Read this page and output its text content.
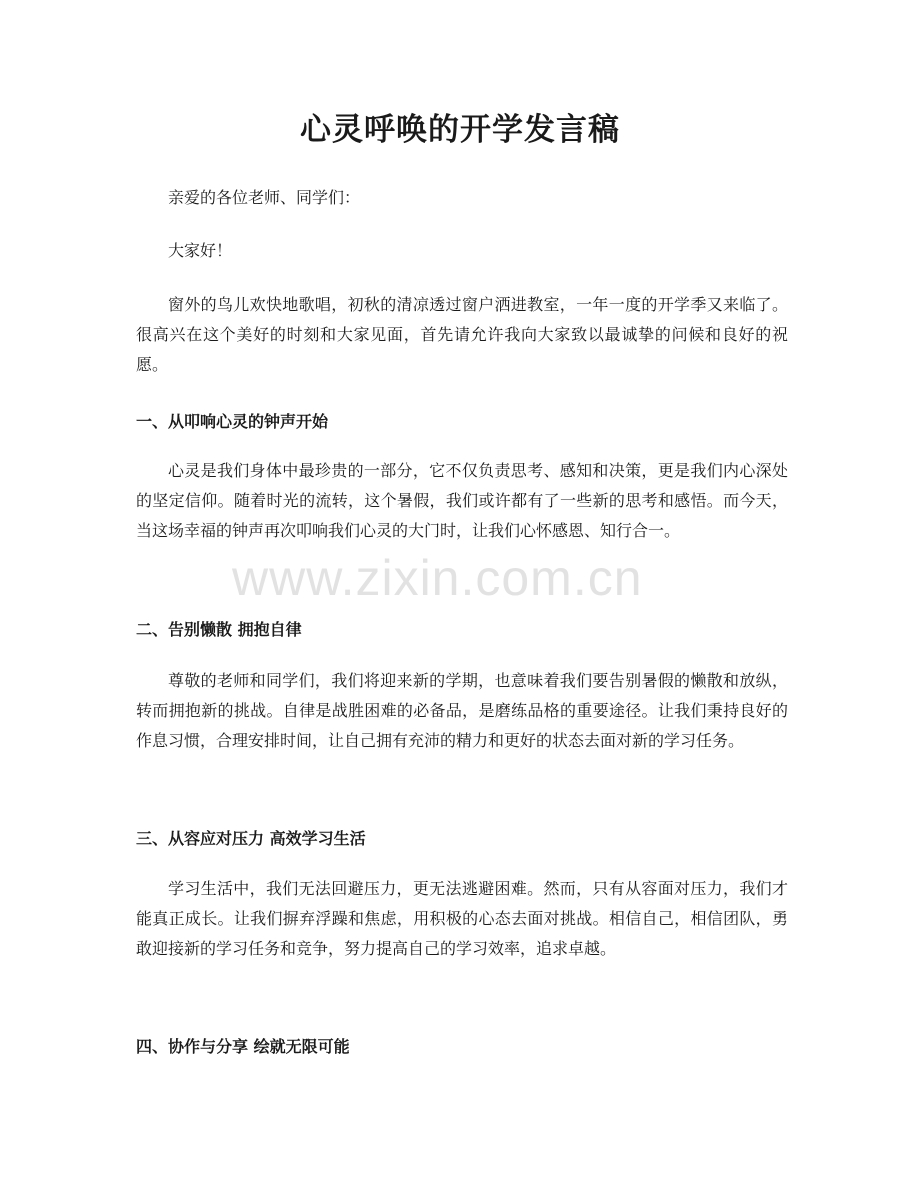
心灵呼唤的开学发言稿

亲爱的各位老师、同学们：

大家好！

窗外的鸟儿欢快地歌唱，初秋的清凉透过窗户洒进教室，一年一度的开学季又来临了。很高兴在这个美好的时刻和大家见面，首先请允许我向大家致以最诚挚的问候和良好的祝愿。

一、从叩响心灵的钟声开始

心灵是我们身体中最珍贵的一部分，它不仅负责思考、感知和决策，更是我们内心深处的坚定信仰。随着时光的流转，这个暑假，我们或许都有了一些新的思考和感悟。而今天，当这场幸福的钟声再次叩响我们心灵的大门时，让我们心怀感恩、知行合一。

二、告别懒散 拥抱自律

尊敬的老师和同学们，我们将迎来新的学期，也意味着我们要告别暑假的懒散和放纵，转而拥抱新的挑战。自律是战胜困难的必备品，是磨练品格的重要途径。让我们秉持良好的作息习惯，合理安排时间，让自己拥有充沛的精力和更好的状态去面对新的学习任务。

三、从容应对压力 高效学习生活

学习生活中，我们无法回避压力，更无法逃避困难。然而，只有从容面对压力，我们才能真正成长。让我们摒弃浮躁和焦虑，用积极的心态去面对挑战。相信自己，相信团队，勇敢迎接新的学习任务和竞争，努力提高自己的学习效率，追求卓越。

四、协作与分享 绘就无限可能
www.zixin.com.cn
